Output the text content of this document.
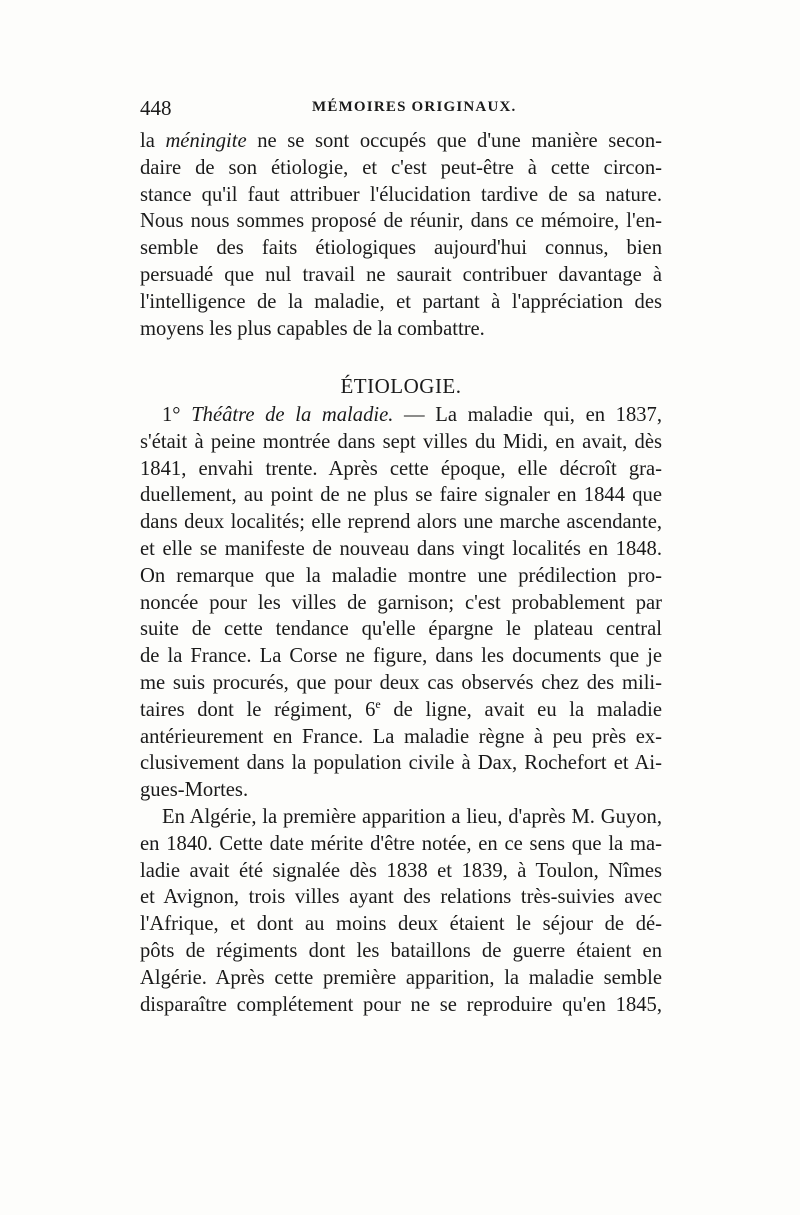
448	MÉMOIRES ORIGINAUX.
la méningite ne se sont occupés que d'une manière secon-
daire de son étiologie, et c'est peut-être à cette circon-
stance qu'il faut attribuer l'élucidation tardive de sa nature.
Nous nous sommes proposé de réunir, dans ce mémoire, l'en-
semble des faits étiologiques aujourd'hui connus, bien
persuadé que nul travail ne saurait contribuer davantage à
l'intelligence de la maladie, et partant à l'appréciation des
moyens les plus capables de la combattre.
ÉTIOLOGIE.
1° Théâtre de la maladie. — La maladie qui, en 1837,
s'était à peine montrée dans sept villes du Midi, en avait, dès
1841, envahi trente. Après cette époque, elle décroît gra-
duellement, au point de ne plus se faire signaler en 1844 que
dans deux localités; elle reprend alors une marche ascendante,
et elle se manifeste de nouveau dans vingt localités en 1848.
On remarque que la maladie montre une prédilection pro-
noncée pour les villes de garnison; c'est probablement par
suite de cette tendance qu'elle épargne le plateau central
de la France. La Corse ne figure, dans les documents que je
me suis procurés, que pour deux cas observés chez des mili-
taires dont le régiment, 6e de ligne, avait eu la maladie
antérieurement en France. La maladie règne à peu près ex-
clusivement dans la population civile à Dax, Rochefort et Ai-
gues-Mortes.
En Algérie, la première apparition a lieu, d'après M. Guyon,
en 1840. Cette date mérite d'être notée, en ce sens que la ma-
ladie avait été signalée dès 1838 et 1839, à Toulon, Nîmes
et Avignon, trois villes ayant des relations très-suivies avec
l'Afrique, et dont au moins deux étaient le séjour de dé-
pôts de régiments dont les bataillons de guerre étaient en
Algérie. Après cette première apparition, la maladie semble
disparaître complétement pour ne se reproduire qu'en 1845,
